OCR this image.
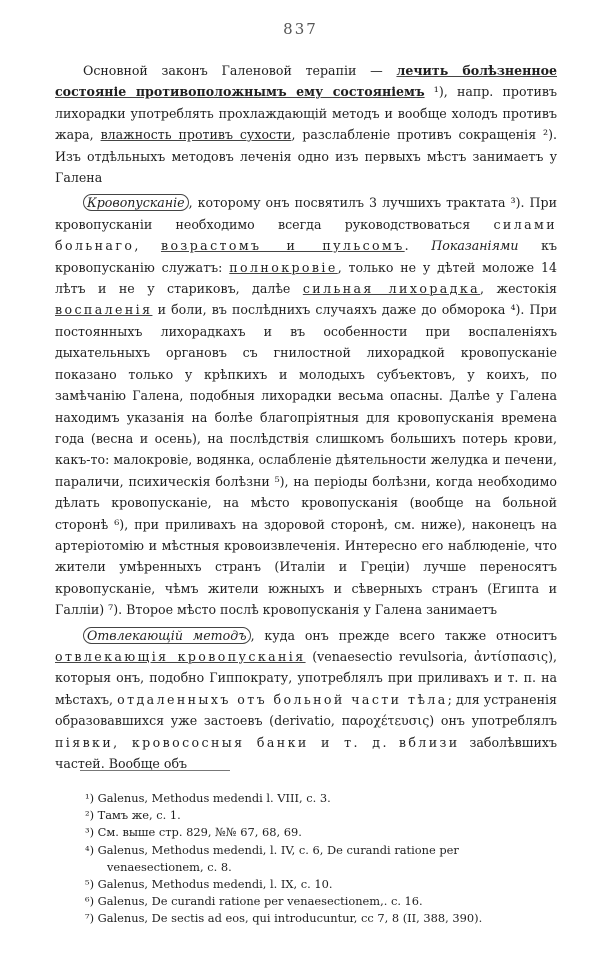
837

Основной законъ Галеновой терапіи — лечить болѣзненное состояніе противоположнымъ ему состояніемъ ¹), напр. противъ лихорадки употреблять прохлаждающій методъ и вообще холодъ противъ жара, влажность противъ сухости, разслабленіе противъ сокращенія ²). Изъ отдѣльныхъ методовъ леченія одно изъ первыхъ мѣстъ занимаетъ у Галена

Кровопусканіе , которому онъ посвятилъ 3 лучшихъ трактата ³). При кровопусканіи необходимо всегда руководствоваться силами больнаго, возрастомъ и пульсомъ. Показаніями къ кровопусканію служатъ: полнокровіе, только не у дѣтей моложе 14 лѣтъ и не у стариковъ, далѣе сильная лихорадка, жестокія воспаленія и боли, въ послѣднихъ случаяхъ даже до обморока ⁴). При постоянныхъ лихорадкахъ и въ особенности при воспаленіяхъ дыхательныхъ органовъ съ гнилостной лихорадкой кровопусканіе показано только у крѣпкихъ и молодыхъ субъектовъ, у коихъ, по замѣчанію Галена, подобныя лихорадки весьма опасны. Далѣе у Галена находимъ указанія на болѣе благопріятныя для кровопусканія времена года (весна и осень), на послѣдствія слишкомъ большихъ потерь крови, какъ-то: малокровіе, водянка, ослабленіе дѣятельности желудка и печени, параличи, психическія болѣзни ⁵), на періоды болѣзни, когда необходимо дѣлать кровопусканіе, на мѣсто кровопусканія (вообще на больной сторонѣ ⁶), при приливахъ на здоровой сторонѣ, см. ниже), наконецъ на артеріотомію и мѣстныя кровоизвлеченія. Интересно его наблюденіе, что жители умѣренныхъ странъ (Италіи и Греціи) лучше переносятъ кровопусканіе, чѣмъ жители южныхъ и сѣверныхъ странъ (Египта и Галліи) ⁷). Второе мѣсто послѣ кровопусканія у Галена занимаетъ

Отвлекающій методъ , куда онъ прежде всего также относитъ отвлекающія кровопусканія (venaesectio revulsoria, ἀντίσπασις), которыя онъ, подобно Гиппократу, употреблялъ при приливахъ и т. п. на мѣстахъ, отдаленныхъ отъ больной части тѣла; для устраненія образовавшихся уже застоевъ (derivatio, παροχέτευσις) онъ употреблялъ піявки, кровососныя банки и т. д. вблизи заболѣвшихъ частей. Вообще объ

¹) Galenus, Methodus medendi l. VIII, c. 3.

²) Тамъ же, с. 1.

³) См. выше стр. 829, №№ 67, 68, 69.

⁴) Galenus, Methodus medendi, l. IV, c. 6, De curandi ratione per venaesectionem, c. 8.

⁵) Galenus, Methodus medendi, l. IX, c. 10.

⁶) Galenus, De curandi ratione per venaesectionem,. c. 16.

⁷) Galenus, De sectis ad eos, qui introducuntur, cc 7, 8 (II, 388, 390).
